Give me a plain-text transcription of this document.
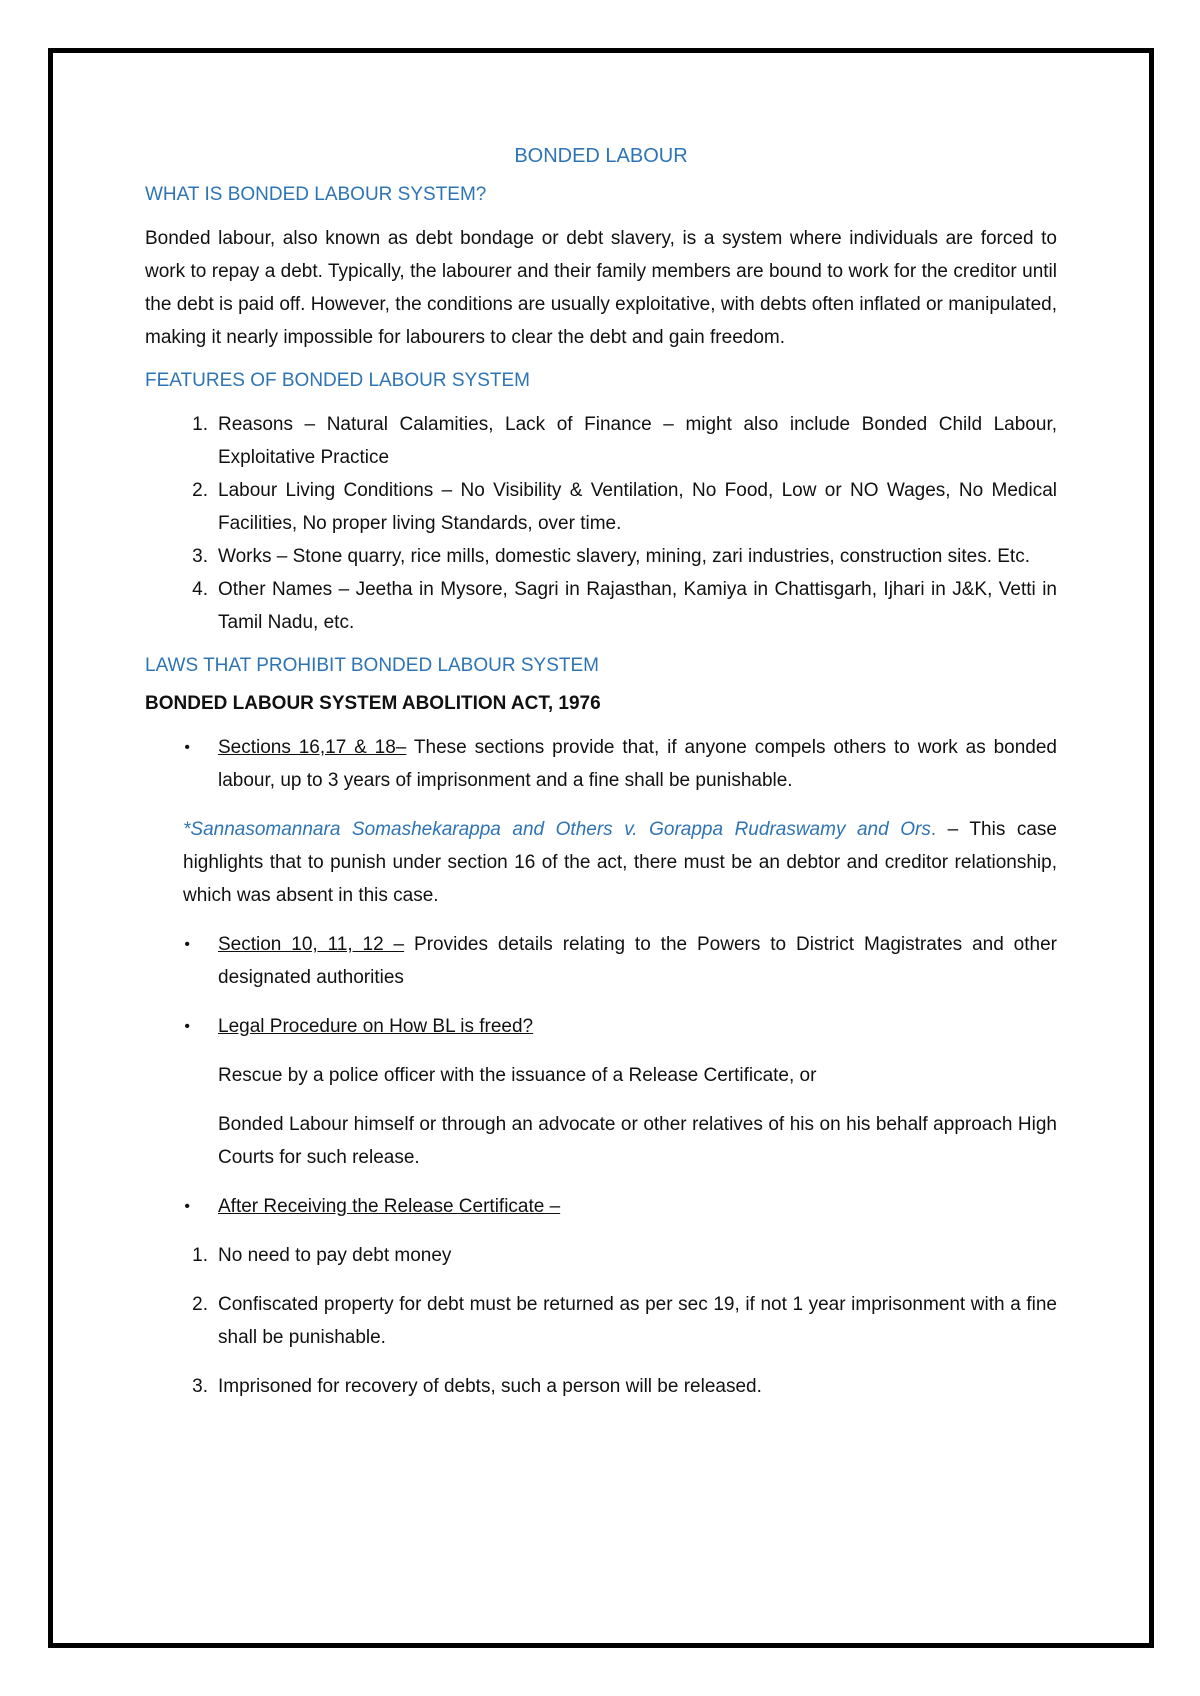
BONDED LABOUR

WHAT IS BONDED LABOUR SYSTEM?

Bonded labour, also known as debt bondage or debt slavery, is a system where individuals are forced to work to repay a debt. Typically, the labourer and their family members are bound to work for the creditor until the debt is paid off. However, the conditions are usually exploitative, with debts often inflated or manipulated, making it nearly impossible for labourers to clear the debt and gain freedom.

FEATURES OF BONDED LABOUR SYSTEM

1. Reasons – Natural Calamities, Lack of Finance – might also include Bonded Child Labour, Exploitative Practice
2. Labour Living Conditions – No Visibility & Ventilation, No Food, Low or NO Wages, No Medical Facilities, No proper living Standards, over time.
3. Works – Stone quarry, rice mills, domestic slavery, mining, zari industries, construction sites. Etc.
4. Other Names – Jeetha in Mysore, Sagri in Rajasthan, Kamiya in Chattisgarh, Ijhari in J&K, Vetti in Tamil Nadu, etc.

LAWS THAT PROHIBIT BONDED LABOUR SYSTEM

BONDED LABOUR SYSTEM ABOLITION ACT, 1976

•	Sections 16,17 & 18– These sections provide that, if anyone compels others to work as bonded labour, up to 3 years of imprisonment and a fine shall be punishable.
*Sannasomannara Somashekarappa and Others v. Gorappa Rudraswamy and Ors. – This case highlights that to punish under section 16 of the act, there must be an debtor and creditor relationship, which was absent in this case.
•	Section 10, 11, 12 – Provides details relating to the Powers to District Magistrates and other designated authorities
•	Legal Procedure on How BL is freed?

Rescue by a police officer with the issuance of a Release Certificate, or

Bonded Labour himself or through an advocate or other relatives of his on his behalf approach High Courts for such release.

•	After Receiving the Release Certificate –
1. No need to pay debt money
2. Confiscated property for debt must be returned as per sec 19, if not 1 year imprisonment with a fine shall be punishable.
3. Imprisoned for recovery of debts, such a person will be released.
